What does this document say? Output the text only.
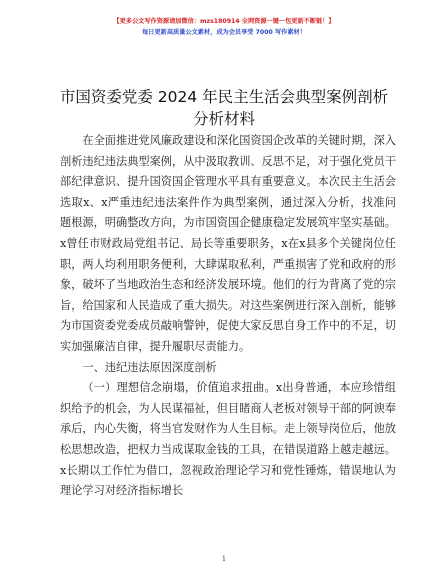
【更多公文写作资源请加微信：mzs180914 全网资源一键一包更新不断链！】
每日更新高质量公文素材，成为会员享受 7000 写作素材！
市国资委党委 2024 年民主生活会典型案例剖析
分析材料

在全面推进党风廉政建设和深化国资国企改革的关键时期，深入剖析违纪违法典型案例，从中汲取教训、反思不足，对于强化党员干部纪律意识、提升国资国企管理水平具有重要意义。本次民主生活会选取x、x严重违纪违法案件作为典型案例，通过深入分析，找准问题根源，明确整改方向，为市国资国企健康稳定发展筑牢坚实基础。x曾任市财政局党组书记、局长等重要职务，x在x县多个关键岗位任职，两人均利用职务便利，大肆谋取私利，严重损害了党和政府的形象，破坏了当地政治生态和经济发展环境。他们的行为背离了党的宗旨，给国家和人民造成了重大损失。对这些案例进行深入剖析，能够为市国资委党委成员敲响警钟，促使大家反思自身工作中的不足，切实加强廉洁自律，提升履职尽责能力。

一、违纪违法原因深度剖析

（一）理想信念崩塌，价值追求扭曲。x出身普通，本应珍惜组织给予的机会，为人民谋福祉，但目睹商人老板对领导干部的阿谀奉承后，内心失衡，将当官发财作为人生目标。走上领导岗位后，他放松思想改造，把权力当成谋取金钱的工具，在错误道路上越走越远。x长期以工作忙为借口，忽视政治理论学习和党性锤炼，错误地认为理论学习对经济指标增长

1
